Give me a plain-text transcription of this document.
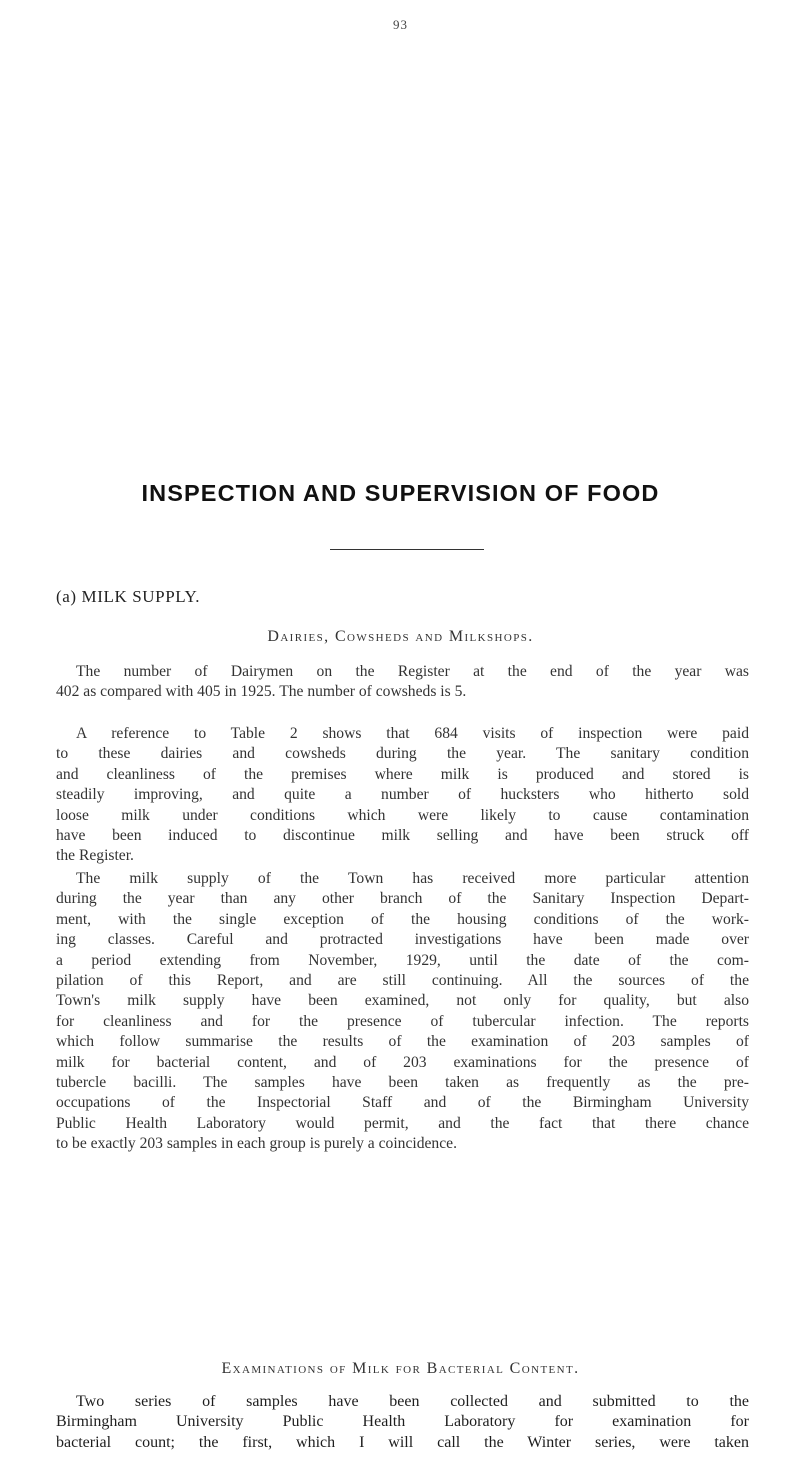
93
INSPECTION AND SUPERVISION OF FOOD
(a) MILK SUPPLY.
Dairies, Cowsheds and Milkshops.
The number of Dairymen on the Register at the end of the year was
402 as compared with 405 in 1925. The number of cowsheds is 5.
A reference to Table 2 shows that 684 visits of inspection were paid
to these dairies and cowsheds during the year. The sanitary condition
and cleanliness of the premises where milk is produced and stored is
steadily improving, and quite a number of hucksters who hitherto sold
loose milk under conditions which were likely to cause contamination
have been induced to discontinue milk selling and have been struck off
the Register.
The milk supply of the Town has received more particular attention
during the year than any other branch of the Sanitary Inspection Depart-
ment, with the single exception of the housing conditions of the work-
ing classes. Careful and protracted investigations have been made over
a period extending from November, 1929, until the date of the com-
pilation of this Report, and are still continuing. All the sources of the
Town's milk supply have been examined, not only for quality, but also
for cleanliness and for the presence of tubercular infection. The reports
which follow summarise the results of the examination of 203 samples of
milk for bacterial content, and of 203 examinations for the presence of
tubercle bacilli. The samples have been taken as frequently as the pre-
occupations of the Inspectorial Staff and of the Birmingham University
Public Health Laboratory would permit, and the fact that there chance
to be exactly 203 samples in each group is purely a coincidence.
Examinations of Milk for Bacterial Content.
Two series of samples have been collected and submitted to the
Birmingham University Public Health Laboratory for examination for
bacterial count; the first, which I will call the Winter series, were taken
